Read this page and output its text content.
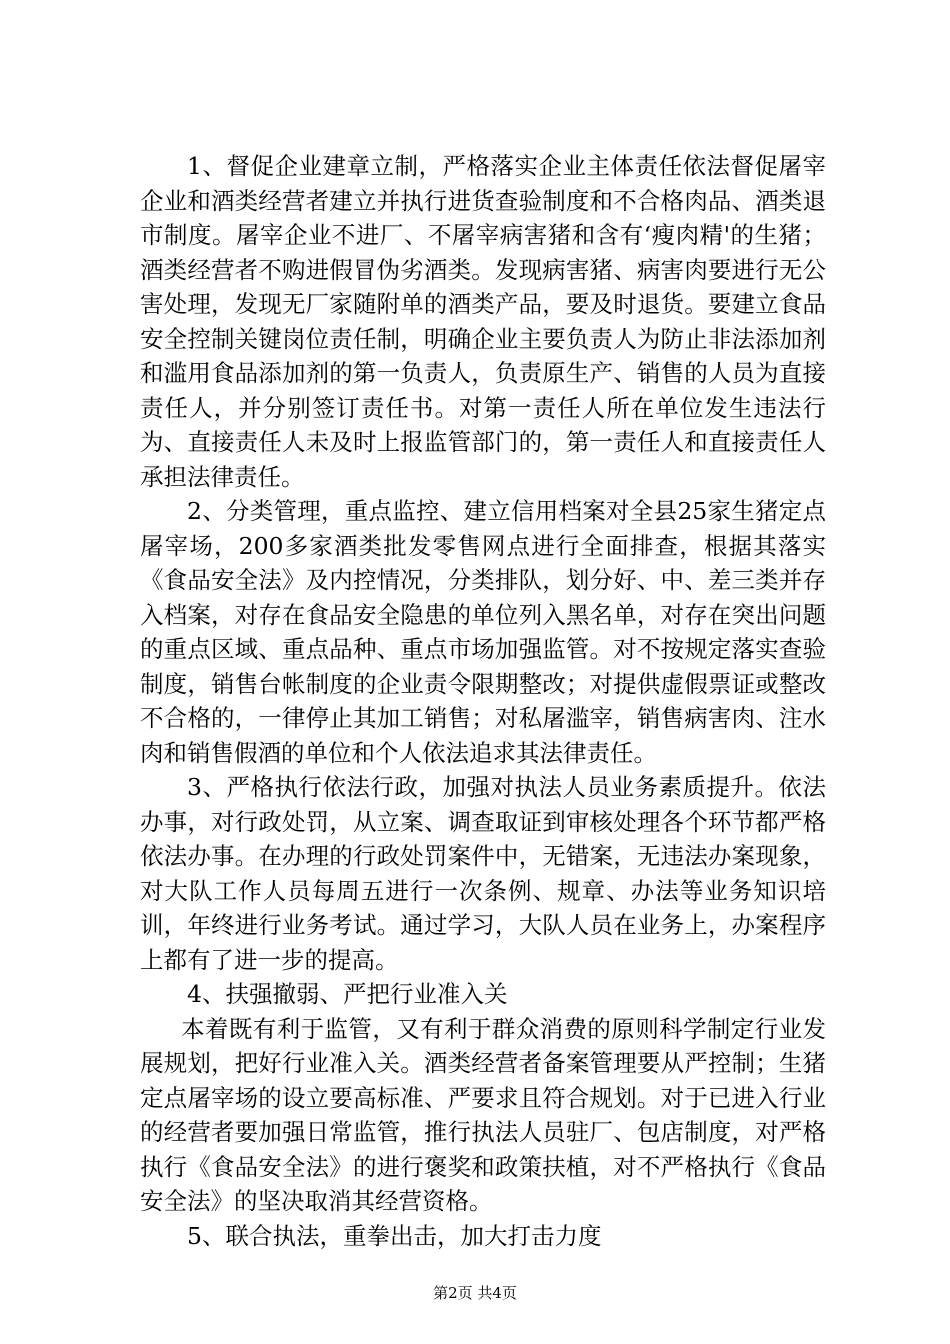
1、督促企业建章立制，严格落实企业主体责任依法督促屠宰企业和酒类经营者建立并执行进货查验制度和不合格肉品、酒类退市制度。屠宰企业不进厂、不屠宰病害猪和含有‘瘦肉精'的生猪；酒类经营者不购进假冒伪劣酒类。发现病害猪、病害肉要进行无公害处理，发现无厂家随附单的酒类产品，要及时退货。要建立食品安全控制关键岗位责任制，明确企业主要负责人为防止非法添加剂和滥用食品添加剂的第一负责人，负责原生产、销售的人员为直接责任人，并分别签订责任书。对第一责任人所在单位发生违法行为、直接责任人未及时上报监管部门的，第一责任人和直接责任人承担法律责任。

2、分类管理，重点监控、建立信用档案对全县25家生猪定点屠宰场，200多家酒类批发零售网点进行全面排查，根据其落实《食品安全法》及内控情况，分类排队，划分好、中、差三类并存入档案，对存在食品安全隐患的单位列入黑名单，对存在突出问题的重点区域、重点品种、重点市场加强监管。对不按规定落实查验制度，销售台帐制度的企业责令限期整改；对提供虚假票证或整改不合格的，一律停止其加工销售；对私屠滥宰，销售病害肉、注水肉和销售假酒的单位和个人依法追求其法律责任。

3、严格执行依法行政，加强对执法人员业务素质提升。依法办事，对行政处罚，从立案、调查取证到审核处理各个环节都严格依法办事。在办理的行政处罚案件中，无错案，无违法办案现象，对大队工作人员每周五进行一次条例、规章、办法等业务知识培训，年终进行业务考试。通过学习，大队人员在业务上，办案程序上都有了进一步的提高。

4、扶强撤弱、严把行业准入关

本着既有利于监管，又有利于群众消费的原则科学制定行业发展规划，把好行业准入关。酒类经营者备案管理要从严控制；生猪定点屠宰场的设立要高标准、严要求且符合规划。对于已进入行业的经营者要加强日常监管，推行执法人员驻厂、包店制度，对严格执行《食品安全法》的进行褒奖和政策扶植，对不严格执行《食品安全法》的坚决取消其经营资格。

5、联合执法，重拳出击，加大打击力度

第2页 共4页
